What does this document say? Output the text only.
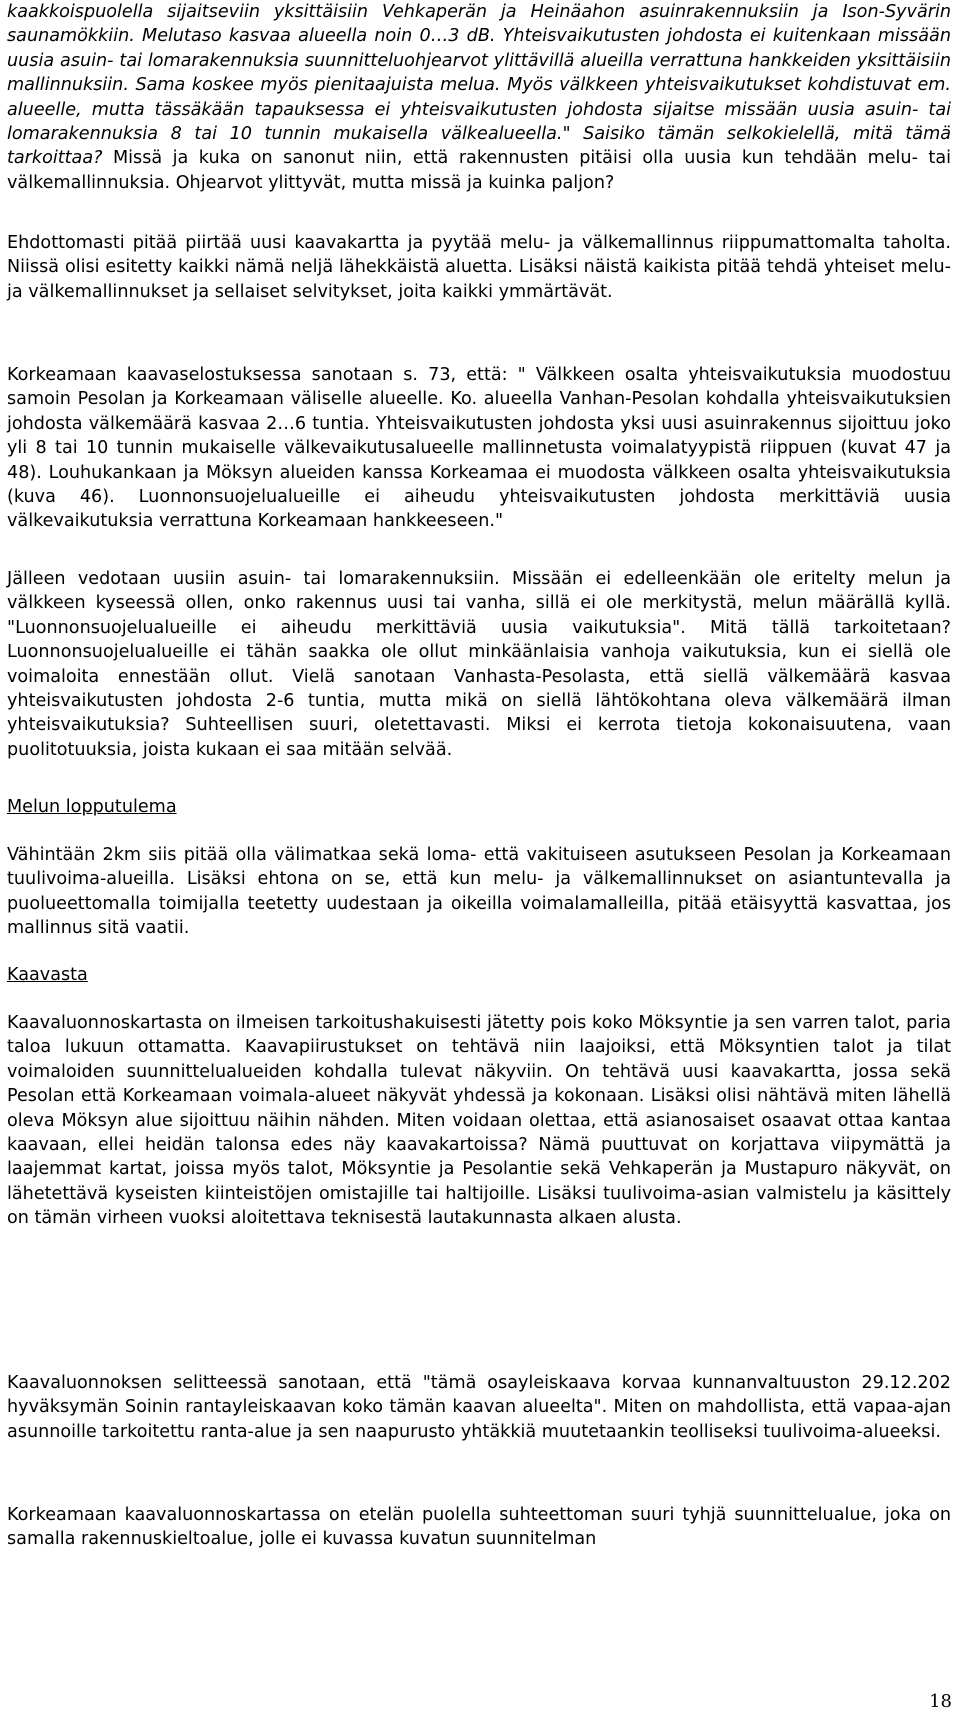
kaakkoispuolella sijaitseviin yksittäisiin Vehkaperän ja Heinäahon asuinrakennuksiin ja Ison-Syvärin saunamökkiin. Melutaso kasvaa alueella noin 0…3 dB. Yhteisvaikutusten johdosta ei kuitenkaan missään uusia asuin- tai lomarakennuksia suunnitteluohjearvot ylittävillä alueilla verrattuna hankkeiden yksittäisiin mallinnuksiin. Sama koskee myös pienitaajuista melua. Myös välkkeen yhteisvaikutukset kohdistuvat em. alueelle, mutta tässäkään tapauksessa ei yhteisvaikutusten johdosta sijaitse missään uusia asuin- tai lomarakennuksia 8 tai 10 tunnin mukaisella välkealueella." Saisiko tämän selkokielellä, mitä tämä tarkoittaa? Missä ja kuka on sanonut niin, että rakennusten pitäisi olla uusia kun tehdään melu- tai välkemallinnuksia. Ohjearvot ylittyvät, mutta missä ja kuinka paljon?

Ehdottomasti pitää piirtää uusi kaavakartta ja pyytää melu- ja välkemallinnus riippumattomalta taholta. Niissä olisi esitetty kaikki nämä neljä lähekkäistä aluetta. Lisäksi näistä kaikista pitää tehdä yhteiset melu- ja välkemallinnukset ja sellaiset selvitykset, joita kaikki ymmärtävät.

Korkeamaan kaavaselostuksessa sanotaan s. 73, että: " Välkkeen osalta yhteisvaikutuksia muodostuu samoin Pesolan ja Korkeamaan väliselle alueelle. Ko. alueella Vanhan-Pesolan kohdalla yhteisvaikutuksien johdosta välkemäärä kasvaa 2…6 tuntia. Yhteisvaikutusten johdosta yksi uusi asuinrakennus sijoittuu joko yli 8 tai 10 tunnin mukaiselle välkevaikutusalueelle mallinnetusta voimalatyypistä riippuen (kuvat 47 ja 48). Louhukankaan ja Möksyn alueiden kanssa Korkeamaa ei muodosta välkkeen osalta yhteisvaikutuksia (kuva 46). Luonnonsuojelualueille ei aiheudu yhteisvaikutusten johdosta merkittäviä uusia välkevaikutuksia verrattuna Korkeamaan hankkeeseen."

Jälleen vedotaan uusiin asuin- tai lomarakennuksiin. Missään ei edelleenkään ole eritelty melun ja välkkeen kyseessä ollen, onko rakennus uusi tai vanha, sillä ei ole merkitystä, melun määrällä kyllä. "Luonnonsuojelualueille ei aiheudu merkittäviä uusia vaikutuksia". Mitä tällä tarkoitetaan? Luonnonsuojelualueille ei tähän saakka ole ollut minkäänlaisia vanhoja vaikutuksia, kun ei siellä ole voimaloita ennestään ollut. Vielä sanotaan Vanhasta-Pesolasta, että siellä välkemäärä kasvaa yhteisvaikutusten johdosta 2-6 tuntia, mutta mikä on siellä lähtökohtana oleva välkemäärä ilman yhteisvaikutuksia? Suhteellisen suuri, oletettavasti. Miksi ei kerrota tietoja kokonaisuutena, vaan puolitotuuksia, joista kukaan ei saa mitään selvää.

Melun lopputulema

Vähintään 2km siis pitää olla välimatkaa sekä loma- että vakituiseen asutukseen Pesolan ja Korkeamaan tuulivoima-alueilla. Lisäksi ehtona on se, että kun melu- ja välkemallinnukset on asiantuntevalla ja puolueettomalla toimijalla teetetty uudestaan ja oikeilla voimalamalleilla, pitää etäisyyttä kasvattaa, jos mallinnus sitä vaatii.

Kaavasta

Kaavaluonnoskartasta on ilmeisen tarkoitushakuisesti jätetty pois koko Möksyntie ja sen varren talot, paria taloa lukuun ottamatta. Kaavapiirustukset on tehtävä niin laajoiksi, että Möksyntien talot ja tilat voimaloiden suunnittelualueiden kohdalla tulevat näkyviin. On tehtävä uusi kaavakartta, jossa sekä Pesolan että Korkeamaan voimala-alueet näkyvät yhdessä ja kokonaan. Lisäksi olisi nähtävä miten lähellä oleva Möksyn alue sijoittuu näihin nähden. Miten voidaan olettaa, että asianosaiset osaavat ottaa kantaa kaavaan, ellei heidän talonsa edes näy kaavakartoissa? Nämä puuttuvat on korjattava viipymättä ja laajemmat kartat, joissa myös talot, Möksyntie ja Pesolantie sekä Vehkaperän ja Mustapuro näkyvät, on lähetettävä kyseisten kiinteistöjen omistajille tai haltijoille. Lisäksi tuulivoima-asian valmistelu ja käsittely on tämän virheen vuoksi aloitettava teknisestä lautakunnasta alkaen alusta.

Kaavaluonnoksen selitteessä sanotaan, että "tämä osayleiskaava korvaa kunnanvaltuuston 29.12.202 hyväksymän Soinin rantayleiskaavan koko tämän kaavan alueelta". Miten on mahdollista, että vapaa-ajan asunnoille tarkoitettu ranta-alue ja sen naapurusto yhtäkkiä muutetaankin teolliseksi tuulivoima-alueeksi.

Korkeamaan kaavaluonnoskartassa on etelän puolella suhteettoman suuri tyhjä suunnittelualue, joka on samalla rakennuskieltoalue, jolle ei kuvassa kuvatun suunnitelman

18
